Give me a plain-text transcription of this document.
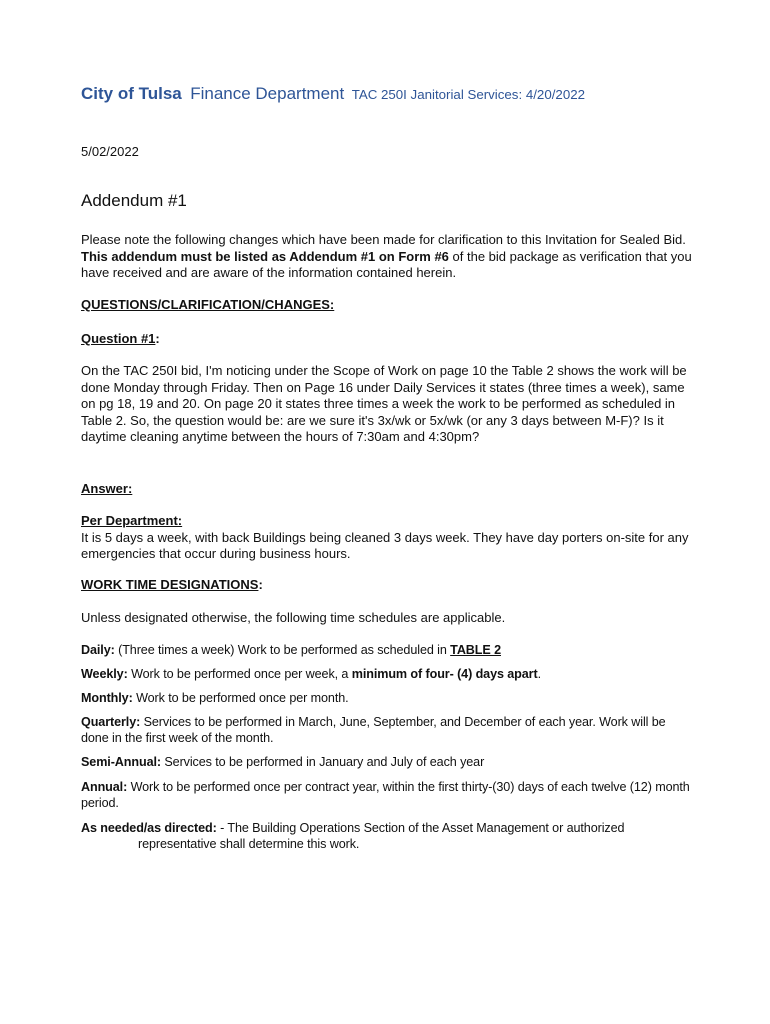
City of Tulsa Finance Department TAC 250I Janitorial Services: 4/20/2022
5/02/2022
Addendum #1
Please note the following changes which have been made for clarification to this Invitation for Sealed Bid. This addendum must be listed as Addendum #1 on Form #6 of the bid package as verification that you have received and are aware of the information contained herein.
QUESTIONS/CLARIFICATION/CHANGES:
Question #1:
On the TAC 250I bid, I'm noticing under the Scope of Work on page 10 the Table 2 shows the work will be done Monday through Friday. Then on Page 16 under Daily Services it states (three times a week), same on pg 18, 19 and 20. On page 20 it states three times a week the work to be performed as scheduled in Table 2. So, the question would be: are we sure it's 3x/wk or 5x/wk (or any 3 days between M-F)? Is it daytime cleaning anytime between the hours of 7:30am and 4:30pm?
Answer:
Per Department:
It is 5 days a week, with back Buildings being cleaned 3 days week. They have day porters on-site for any emergencies that occur during business hours.
WORK TIME DESIGNATIONS:
Unless designated otherwise, the following time schedules are applicable.
Daily: (Three times a week) Work to be performed as scheduled in TABLE 2
Weekly: Work to be performed once per week, a minimum of four- (4) days apart.
Monthly: Work to be performed once per month.
Quarterly: Services to be performed in March, June, September, and December of each year. Work will be done in the first week of the month.
Semi-Annual: Services to be performed in January and July of each year
Annual: Work to be performed once per contract year, within the first thirty-(30) days of each twelve (12) month period.
As needed/as directed: - The Building Operations Section of the Asset Management or authorized
representative shall determine this work.
